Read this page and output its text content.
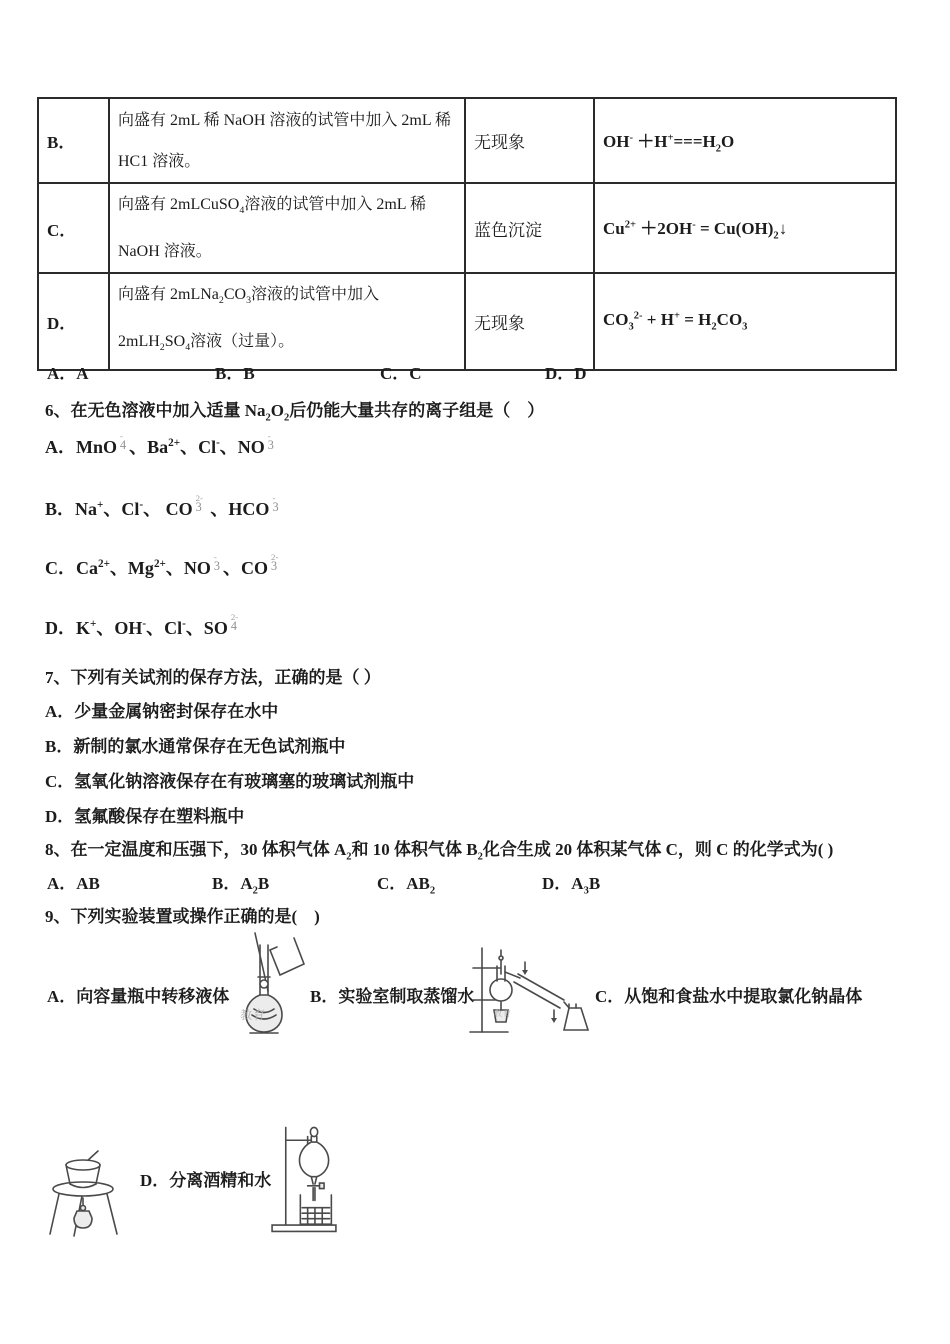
B．	向盛有 2mL 稀 NaOH 溶液的试管中加入 2mL 稀
HC1 溶液。	无现象	$OH^- +H^+===H_2O$
C．	向盛有 2mLCuSO$_4$溶液的试管中加入 2mL 稀
NaOH 溶液。	蓝色沉淀	$Cu^{2+} +2OH^-$ = $Cu(OH)_2↓$
D．	向盛有 $2mLNa_2CO_3$溶液的试管中加入
$2mLH_2SO_4$溶液（过量）。	无现象	$CO_3^{2-} + H^+ = H_2CO_3$
A．A	B．B	C．C	D．D
6、在无色溶液中加入适量 $Na_2O_2$后仍能大量共存的离子组是（　）
A．MnO
-
4 、$Ba^{2+}$、Cl-、NO
-
3
B．Na+、Cl-、 CO
2-
3 、HCO
-
3
C．$Ca^{2+}$、$Mg^{2+}$、NO
-
3 、CO
2-
3
D．K+、OH-、Cl-、SO
2-
4
7、下列有关试剂的保存方法，正确的是（ ）
A．少量金属钠密封保存在水中
B．新制的氯水通常保存在无色试剂瓶中
C．氢氧化钠溶液保存在有玻璃塞的玻璃试剂瓶中
D．氢氟酸保存在塑料瓶中
8、在一定温度和压强下，30 体积气体 $A_2$和 10 体积气体 $B_2$化合生成 20 体积某气体 C，则 C 的化学式为( )
A．AB	B．$A_2B$	C．$AB_2$	D．$A_3B$
9、下列实验装置或操作正确的是(　)
A．向容量瓶中转移液体	B．实验室制取蒸馏水	C．从饱和食盐水中提取氯化钠晶体
D．分离酒精和水
教育	教育
